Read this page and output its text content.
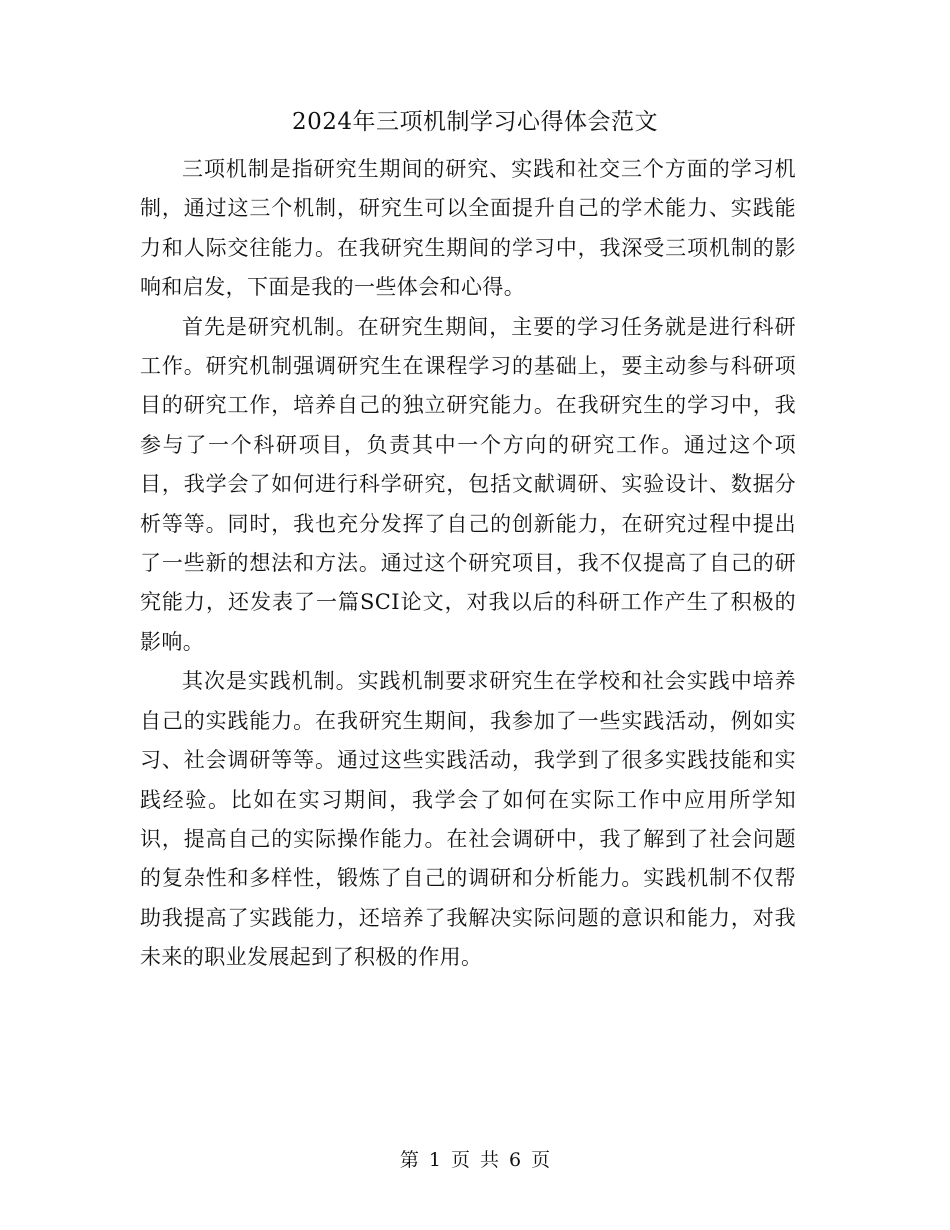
2024年三项机制学习心得体会范文

三项机制是指研究生期间的研究、实践和社交三个方面的学习机制，通过这三个机制，研究生可以全面提升自己的学术能力、实践能力和人际交往能力。在我研究生期间的学习中，我深受三项机制的影响和启发，下面是我的一些体会和心得。

首先是研究机制。在研究生期间，主要的学习任务就是进行科研工作。研究机制强调研究生在课程学习的基础上，要主动参与科研项目的研究工作，培养自己的独立研究能力。在我研究生的学习中，我参与了一个科研项目，负责其中一个方向的研究工作。通过这个项目，我学会了如何进行科学研究，包括文献调研、实验设计、数据分析等等。同时，我也充分发挥了自己的创新能力，在研究过程中提出了一些新的想法和方法。通过这个研究项目，我不仅提高了自己的研究能力，还发表了一篇SCI论文，对我以后的科研工作产生了积极的影响。

其次是实践机制。实践机制要求研究生在学校和社会实践中培养自己的实践能力。在我研究生期间，我参加了一些实践活动，例如实习、社会调研等等。通过这些实践活动，我学到了很多实践技能和实践经验。比如在实习期间，我学会了如何在实际工作中应用所学知识，提高自己的实际操作能力。在社会调研中，我了解到了社会问题的复杂性和多样性，锻炼了自己的调研和分析能力。实践机制不仅帮助我提高了实践能力，还培养了我解决实际问题的意识和能力，对我未来的职业发展起到了积极的作用。

第 1 页 共 6 页
